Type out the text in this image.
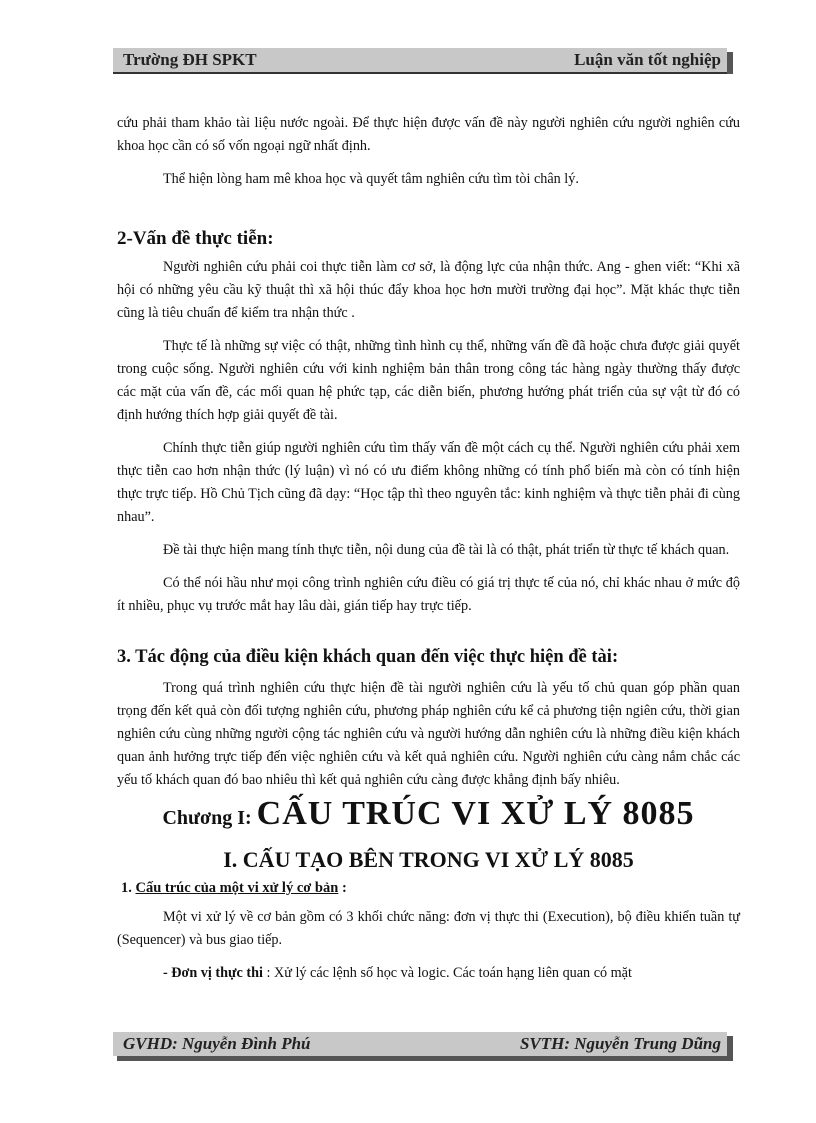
Trường ĐH SPKT	Luận văn tốt nghiệp

cứu phải tham khảo tài liệu nước ngoài. Để thực hiện được vấn đề này người nghiên cứu người nghiên cứu khoa học cần có số vốn ngoại ngữ nhất định.

Thể hiện lòng ham mê khoa học và quyết tâm nghiên cứu tìm tòi chân lý.

2-Vấn đề thực tiễn:

Người nghiên cứu phải coi thực tiễn làm cơ sở, là động lực của nhận thức. Ang - ghen viết: “Khi xã hội có những yêu cầu kỹ thuật thì xã hội thúc đẩy khoa học hơn mười trường đại học”. Mặt khác thực tiễn cũng là tiêu chuẩn để kiểm tra nhận thức .

Thực tế là những sự việc có thật, những tình hình cụ thể, những vấn đề đã hoặc chưa được giải quyết trong cuộc sống. Người nghiên cứu với kinh nghiệm bản thân trong công tác hàng ngày thường thấy được các mặt của vấn đề, các mối quan hệ phức tạp, các diễn biến, phương hướng phát triển của sự vật từ đó có định hướng thích hợp giải quyết đề tài.

Chính thực tiễn giúp người nghiên cứu tìm thấy vấn đề một cách cụ thể. Người nghiên cứu phải xem thực tiễn cao hơn nhận thức (lý luận) vì nó có ưu điểm không những có tính phổ biến mà còn có tính hiện thực trực tiếp. Hồ Chủ Tịch cũng đã dạy: “Học tập thì theo nguyên tắc: kinh nghiệm và thực tiễn phải đi cùng nhau”.

Đề tài thực hiện mang tính thực tiễn, nội dung của đề tài là có thật, phát triển từ thực tế khách quan.

Có thể nói hầu như mọi công trình nghiên cứu điều có giá trị thực tế của nó, chỉ khác nhau ở mức độ ít nhiều, phục vụ trước mắt hay lâu dài, gián tiếp hay trực tiếp.

3. Tác động của điều kiện khách quan đến việc thực hiện đề tài:

Trong quá trình nghiên cứu thực hiện đề tài người nghiên cứu là yếu tố chủ quan góp phần quan trọng đến kết quả còn đối tượng nghiên cứu, phương pháp nghiên cứu kể cả phương tiện ngiên cứu, thời gian nghiên cứu cùng những người cộng tác nghiên cứu và người hướng dẫn nghiên cứu là những điều kiện khách quan ảnh hưởng trực tiếp đến việc nghiên cứu và kết quả nghiên cứu. Người nghiên cứu càng nắm chắc các yếu tố khách quan đó bao nhiêu thì kết quả nghiên cứu càng được khẳng định bấy nhiêu.

Chương I: CẤU TRÚC VI XỬ LÝ 8085
I. CẤU TẠO BÊN TRONG VI XỬ LÝ 8085
1. Cấu trúc của một vi xử lý cơ bản :

Một vi xử lý về cơ bản gồm có 3 khối chức năng: đơn vị thực thi (Execution), bộ điều khiển tuần tự (Sequencer) và bus giao tiếp.

- Đơn vị thực thi : Xử lý các lệnh số học và logic. Các toán hạng liên quan có mặt

GVHD: Nguyễn Đình Phú	SVTH: Nguyễn Trung Dũng
